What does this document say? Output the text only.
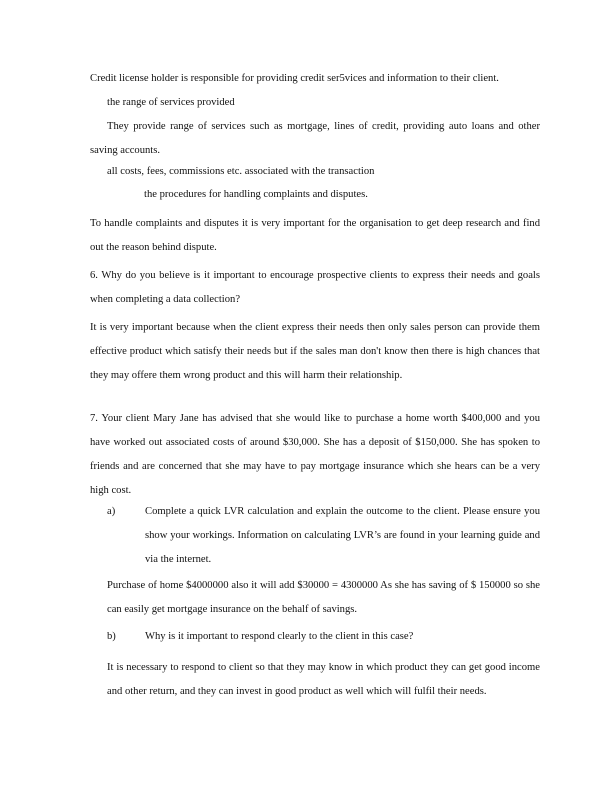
Credit license holder is responsible for providing credit ser5vices and information to their client.
the range of services provided
They provide range of services such as mortgage, lines of credit, providing auto loans and other saving accounts.
all costs, fees, commissions etc. associated with the transaction
the procedures for handling complaints and disputes.
To handle complaints and disputes it is very important for the organisation to get deep research and find out the reason behind dispute.
6. Why do you believe is it important to encourage prospective clients to express their needs and goals when completing a data collection?
It is very important because when the client express their needs then only sales person can provide them effective product which satisfy their needs but if the sales man don't know then there is high chances that they may offere them wrong product and this will harm their relationship.
7. Your client Mary Jane has advised that she would like to purchase a home worth $400,000 and you have worked out associated costs of around $30,000. She has a deposit of $150,000. She has spoken to friends and are concerned that she may have to pay mortgage insurance which she hears can be a very high cost.
a)	Complete a quick LVR calculation and explain the outcome to the client. Please ensure you show your workings. Information on calculating LVR’s are found in your learning guide and via the internet.
Purchase of home $4000000 also it will add $30000 = 4300000 As she has saving of $ 150000 so she can easily get mortgage insurance on the behalf of savings.
b)	Why is it important to respond clearly to the client in this case?
It is necessary to respond to client so that they may know in which product they can get good income and other return, and they can invest in good product as well which will fulfil their needs.
